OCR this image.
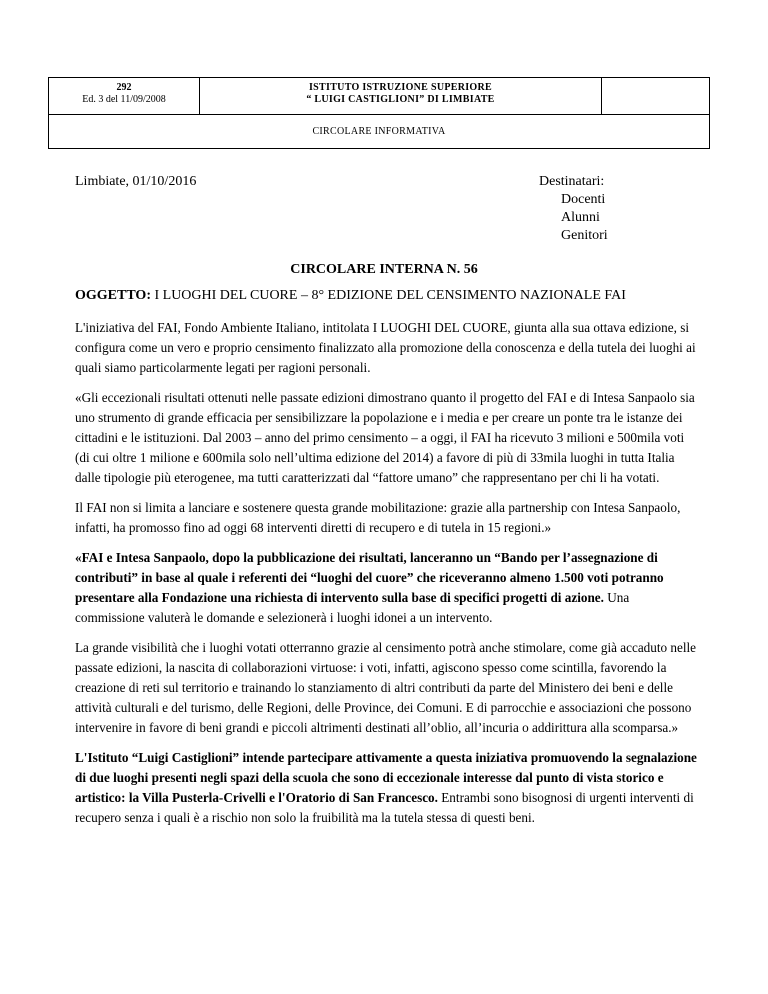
292
Ed. 3 del 11/09/2008
ISTITUTO ISTRUZIONE SUPERIORE
“ LUIGI CASTIGLIONI” DI LIMBIATE
CIRCOLARE INFORMATIVA
Limbiate, 01/10/2016	Destinatari:
Docenti
Alunni
Genitori
CIRCOLARE INTERNA N. 56
OGGETTO: I LUOGHI DEL CUORE – 8° EDIZIONE DEL CENSIMENTO NAZIONALE FAI

L'iniziativa del FAI, Fondo Ambiente Italiano, intitolata I LUOGHI DEL CUORE, giunta alla sua ottava edizione, si configura come un vero e proprio censimento finalizzato alla promozione della conoscenza e della tutela dei luoghi ai quali siamo particolarmente legati per ragioni personali.

«Gli eccezionali risultati ottenuti nelle passate edizioni dimostrano quanto il progetto del FAI e di Intesa Sanpaolo sia uno strumento di grande efficacia per sensibilizzare la popolazione e i media e per creare un ponte tra le istanze dei cittadini e le istituzioni. Dal 2003 – anno del primo censimento – a oggi, il FAI ha ricevuto 3 milioni e 500mila voti (di cui oltre 1 milione e 600mila solo nell’ultima edizione del 2014) a favore di più di 33mila luoghi in tutta Italia dalle tipologie più eterogenee, ma tutti caratterizzati dal “fattore umano” che rappresentano per chi li ha votati.

Il FAI non si limita a lanciare e sostenere questa grande mobilitazione: grazie alla partnership con Intesa Sanpaolo, infatti, ha promosso fino ad oggi 68 interventi diretti di recupero e di tutela in 15 regioni.»

«FAI e Intesa Sanpaolo, dopo la pubblicazione dei risultati, lanceranno un “Bando per l’assegnazione di contributi” in base al quale i referenti dei “luoghi del cuore” che riceveranno almeno 1.500 voti potranno presentare alla Fondazione una richiesta di intervento sulla base di specifici progetti di azione. Una commissione valuterà le domande e selezionerà i luoghi idonei a un intervento.

La grande visibilità che i luoghi votati otterranno grazie al censimento potrà anche stimolare, come già accaduto nelle passate edizioni, la nascita di collaborazioni virtuose: i voti, infatti, agiscono spesso come scintilla, favorendo la creazione di reti sul territorio e trainando lo stanziamento di altri contributi da parte del Ministero dei beni e delle attività culturali e del turismo, delle Regioni, delle Province, dei Comuni. E di parrocchie e associazioni che possono intervenire in favore di beni grandi e piccoli altrimenti destinati all’oblio, all’incuria o addirittura alla scomparsa.»

L'Istituto “Luigi Castiglioni” intende partecipare attivamente a questa iniziativa promuovendo la segnalazione di due luoghi presenti negli spazi della scuola che sono di eccezionale interesse dal punto di vista storico e artistico: la Villa Pusterla-Crivelli e l'Oratorio di San Francesco. Entrambi sono bisognosi di urgenti interventi di recupero senza i quali è a rischio non solo la fruibilità ma la tutela stessa di questi beni.
